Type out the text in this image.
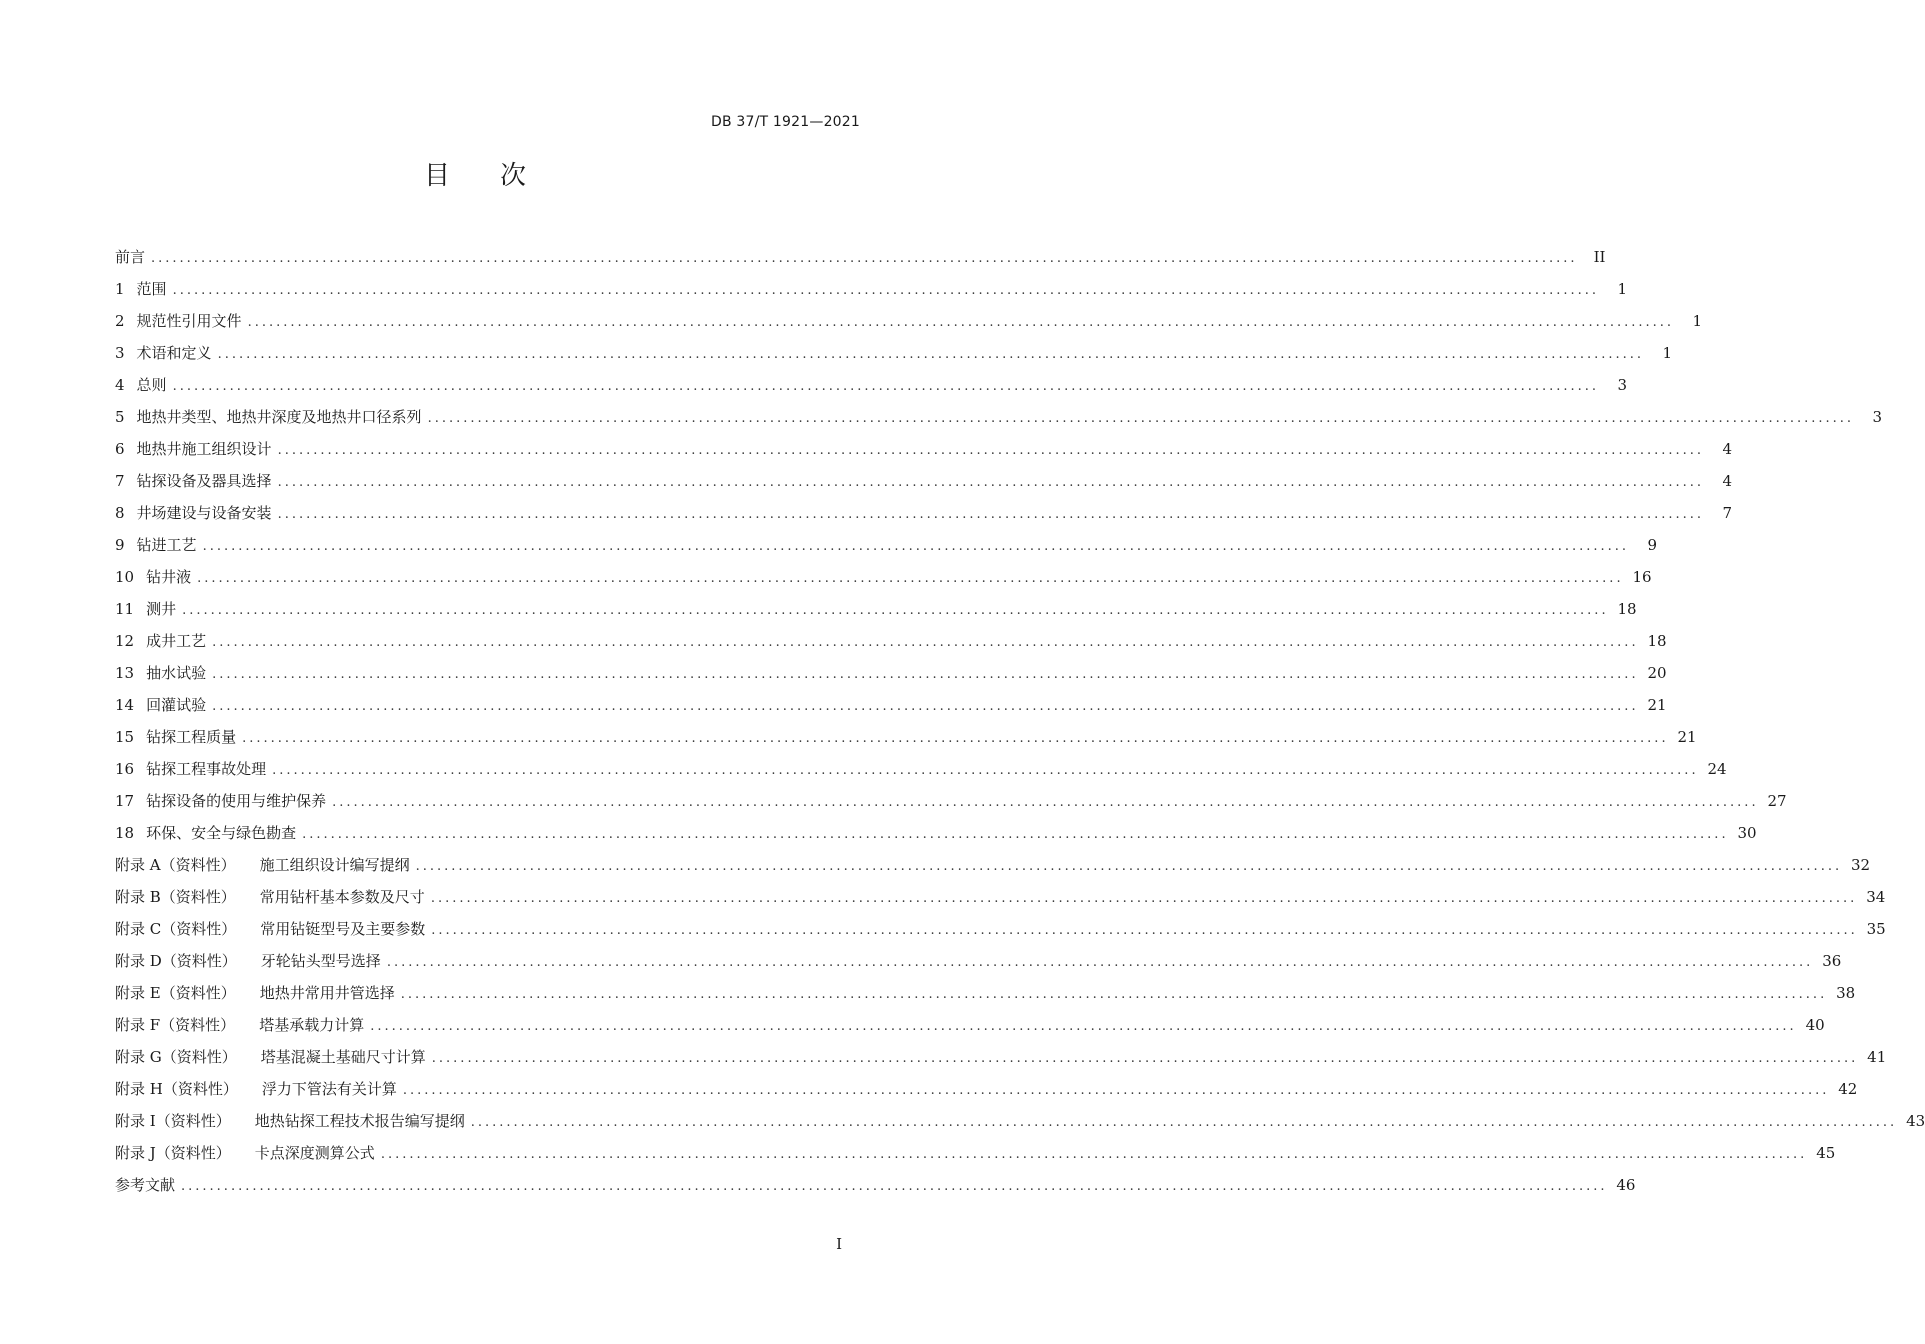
DB 37/T 1921—2021
目次
前言 ........................................................................................................................................................................................................	II
1 范围 ........................................................................................................................................................................................................	1
2 规范性引用文件 ........................................................................................................................................................................................................	1
3 术语和定义 ........................................................................................................................................................................................................	1
4 总则 ........................................................................................................................................................................................................	3
5 地热井类型、地热井深度及地热井口径系列 ........................................................................................................................................................................................................	3
6 地热井施工组织设计 ........................................................................................................................................................................................................	4
7 钻探设备及器具选择 ........................................................................................................................................................................................................	4
8 井场建设与设备安装 ........................................................................................................................................................................................................	7
9 钻进工艺 ........................................................................................................................................................................................................	9
10 钻井液 ........................................................................................................................................................................................................ 16
11 测井 ........................................................................................................................................................................................................ 18
12 成井工艺 ........................................................................................................................................................................................................ 18
13 抽水试验 ........................................................................................................................................................................................................ 20
14 回灌试验 ........................................................................................................................................................................................................ 21
15 钻探工程质量 ........................................................................................................................................................................................................ 21
16 钻探工程事故处理 ........................................................................................................................................................................................................ 24
17 钻探设备的使用与维护保养 ........................................................................................................................................................................................................ 27
18 环保、安全与绿色勘查 ........................................................................................................................................................................................................ 30
附录 A（资料性） 施工组织设计编写提纲 ........................................................................................................................................................................................................ 32
附录 B（资料性） 常用钻杆基本参数及尺寸 ........................................................................................................................................................................................................ 34
附录 C（资料性） 常用钻铤型号及主要参数 ........................................................................................................................................................................................................ 35
附录 D（资料性） 牙轮钻头型号选择 ........................................................................................................................................................................................................ 36
附录 E（资料性） 地热井常用井管选择 ........................................................................................................................................................................................................ 38
附录 F（资料性） 塔基承载力计算 ........................................................................................................................................................................................................ 40
附录 G（资料性） 塔基混凝土基础尺寸计算 ........................................................................................................................................................................................................ 41
附录 H（资料性） 浮力下管法有关计算 ........................................................................................................................................................................................................ 42
附录 I（资料性） 地热钻探工程技术报告编写提纲 ........................................................................................................................................................................................................ 43
附录 J（资料性） 卡点深度测算公式 ........................................................................................................................................................................................................ 45
参考文献 ........................................................................................................................................................................................................ 46
I
